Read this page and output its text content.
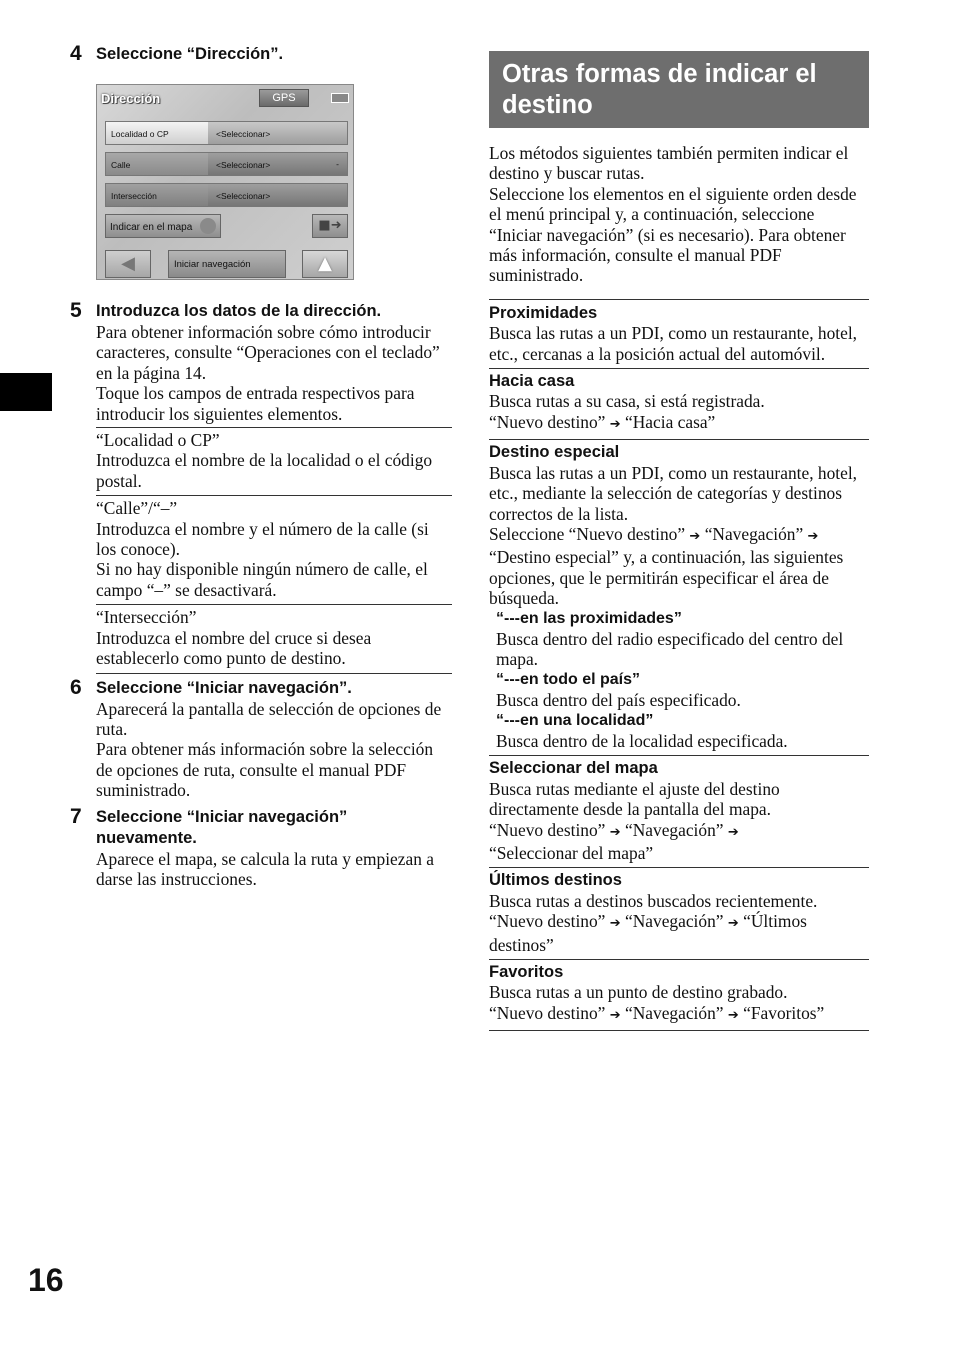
4 Seleccione “Dirección”.
Dirección	GPS
Localidad o CP	<Seleccionar>
Calle	<Seleccionar>	-
Intersección	<Seleccionar>
Indicar en el mapa	■➜
◀	Iniciar navegación	▲
5 Introduzca los datos de la dirección.
Para obtener información sobre cómo introducir caracteres, consulte “Operaciones con el teclado” en la página 14.
Toque los campos de entrada respectivos para introducir los siguientes elementos.
“Localidad o CP”
Introduzca el nombre de la localidad o el código postal.
“Calle”/“–”
Introduzca el nombre y el número de la calle (si los conoce).
Si no hay disponible ningún número de calle, el campo “–” se desactivará.
“Intersección”
Introduzca el nombre del cruce si desea establecerlo como punto de destino.
6 Seleccione “Iniciar navegación”.
Aparecerá la pantalla de selección de opciones de ruta.
Para obtener más información sobre la selección de opciones de ruta, consulte el manual PDF suministrado.
7 Seleccione “Iniciar navegación” nuevamente.
Aparece el mapa, se calcula la ruta y empiezan a darse las instrucciones.
Otras formas de indicar el destino
Los métodos siguientes también permiten indicar el destino y buscar rutas.
Seleccione los elementos en el siguiente orden desde el menú principal y, a continuación, seleccione “Iniciar navegación” (si es necesario). Para obtener más información, consulte el manual PDF suministrado.
Proximidades
Busca las rutas a un PDI, como un restaurante, hotel, etc., cercanas a la posición actual del automóvil.
Hacia casa
Busca rutas a su casa, si está registrada.
“Nuevo destino” ➔ “Hacia casa”
Destino especial
Busca las rutas a un PDI, como un restaurante, hotel, etc., mediante la selección de categorías y destinos correctos de la lista.
Seleccione “Nuevo destino” ➔ “Navegación” ➔ “Destino especial” y, a continuación, las siguientes opciones, que le permitirán especificar el área de búsqueda.
“---en las proximidades”
Busca dentro del radio especificado del centro del mapa.
“---en todo el país”
Busca dentro del país especificado.
“---en una localidad”
Busca dentro de la localidad especificada.
Seleccionar del mapa
Busca rutas mediante el ajuste del destino directamente desde la pantalla del mapa.
“Nuevo destino” ➔ “Navegación” ➔
“Seleccionar del mapa”
Últimos destinos
Busca rutas a destinos buscados recientemente.
“Nuevo destino” ➔ “Navegación” ➔ “Últimos destinos”
Favoritos
Busca rutas a un punto de destino grabado.
“Nuevo destino” ➔ “Navegación” ➔ “Favoritos”
16
